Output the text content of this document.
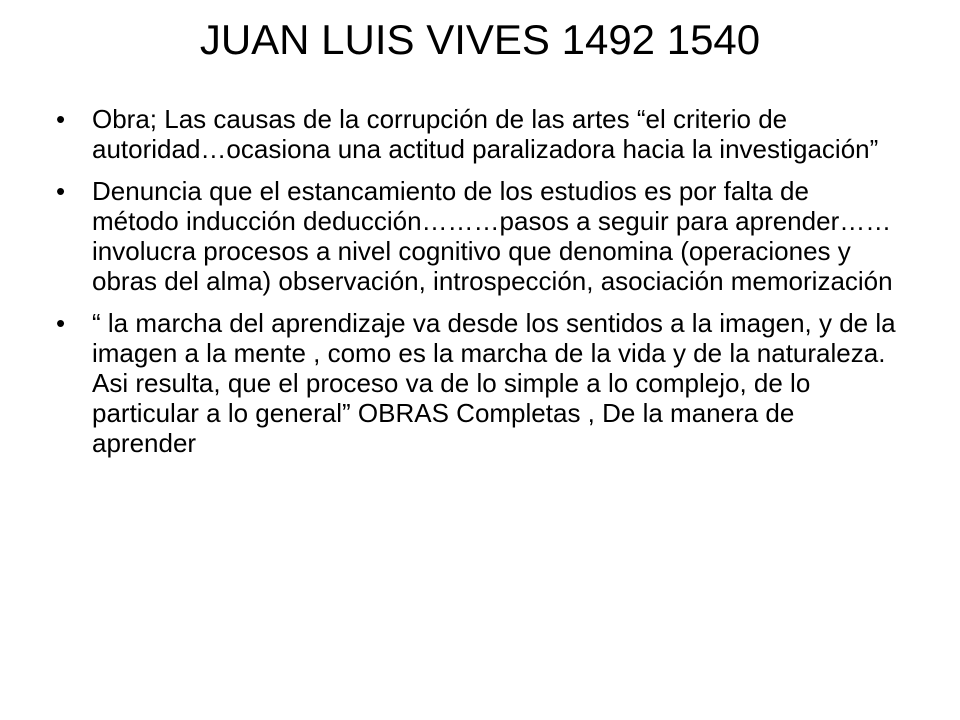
JUAN LUIS VIVES 1492 1540
• Obra; Las causas de la corrupción de las artes “el criterio de autoridad…ocasiona una actitud paralizadora hacia la investigación”
• Denuncia que el estancamiento de los estudios es por falta de método inducción deducción………pasos a seguir para aprender……involucra procesos a nivel cognitivo que denomina (operaciones y obras del alma) observación, introspección, asociación memorización
• “ la marcha del aprendizaje va desde los sentidos a la imagen, y de la imagen a la mente , como es la marcha de la vida y de la naturaleza. Asi resulta, que el proceso va de lo simple a lo complejo, de lo particular a lo general” OBRAS Completas , De la manera de aprender
